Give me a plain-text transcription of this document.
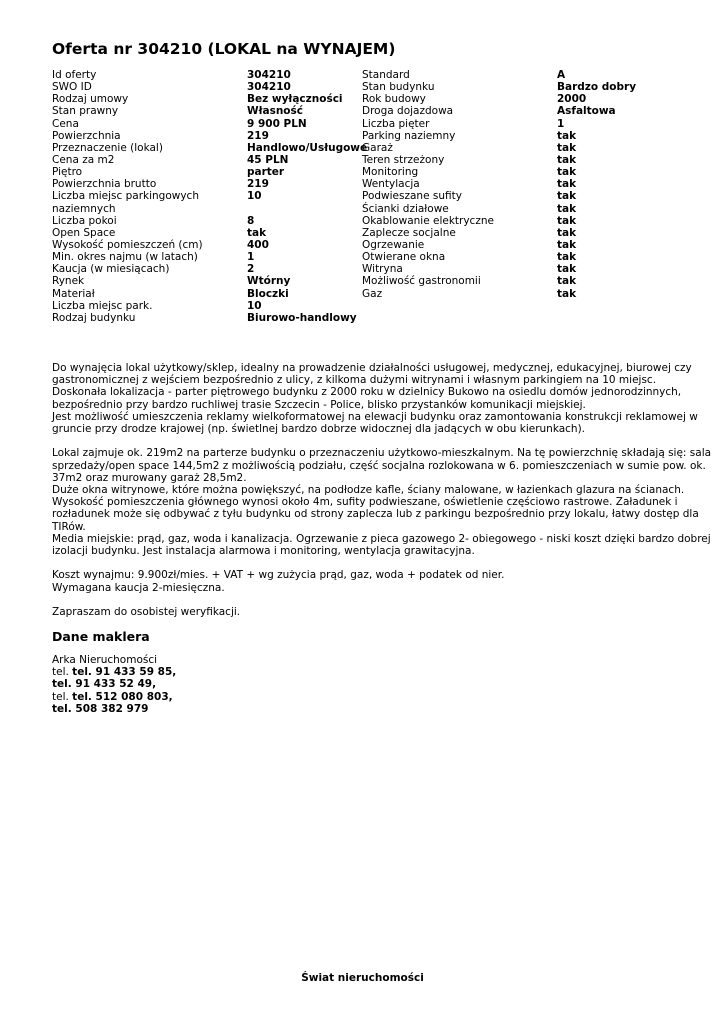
Oferta nr 304210 (LOKAL na WYNAJEM)
Id oferty
SWO ID
Rodzaj umowy
Stan prawny
Cena
Powierzchnia
Przeznaczenie (lokal)
Cena za m2
Piętro
Powierzchnia brutto
Liczba miejsc parkingowych
naziemnych
Liczba pokoi
Open Space
Wysokość pomieszczeń (cm)
Min. okres najmu (w latach)
Kaucja (w miesiącach)
Rynek
Materiał
Liczba miejsc park.
Rodzaj budynku
304210
304210
Bez wyłączności
Własność
9 900 PLN
219
Handlowo/Usługowe
45 PLN
parter
219
10
8
tak
400
1
2
Wtórny
Bloczki
10
Biurowo-handlowy
Standard
Stan budynku
Rok budowy
Droga dojazdowa
Liczba pięter
Parking naziemny
Garaż
Teren strzeżony
Monitoring
Wentylacja
Podwieszane sufity
Ścianki działowe
Okablowanie elektryczne
Zaplecze socjalne
Ogrzewanie
Otwierane okna
Witryna
Możliwość gastronomii
Gaz
A
Bardzo dobry
2000
Asfaltowa
1
tak
tak
tak
tak
tak
tak
tak
tak
tak
tak
tak
tak
tak
tak

Do wynajęcia lokal użytkowy/sklep, idealny na prowadzenie działalności usługowej, medycznej, edukacyjnej, biurowej czy

gastronomicznej z wejściem bezpośrednio z ulicy, z kilkoma dużymi witrynami i własnym parkingiem na 10 miejsc.

Doskonała lokalizacja - parter piętrowego budynku z 2000 roku w dzielnicy Bukowo na osiedlu domów jednorodzinnych,

bezpośrednio przy bardzo ruchliwej trasie Szczecin - Police, blisko przystanków komunikacji miejskiej.

Jest możliwość umieszczenia reklamy wielkoformatowej na elewacji budynku oraz zamontowania konstrukcji reklamowej w

gruncie przy drodze krajowej (np. świetlnej bardzo dobrze widocznej dla jadących w obu kierunkach).

Lokal zajmuje ok. 219m2 na parterze budynku o przeznaczeniu użytkowo-mieszkalnym. Na tę powierzchnię składają się: sala

sprzedaży/open space 144,5m2 z możliwością podziału, część socjalna rozlokowana w 6. pomieszczeniach w sumie pow. ok.

37m2 oraz murowany garaż 28,5m2.

Duże okna witrynowe, które można powiększyć, na podłodze kafle, ściany malowane, w łazienkach glazura na ścianach.

Wysokość pomieszczenia głównego wynosi około 4m, sufity podwieszane, oświetlenie częściowo rastrowe. Załadunek i

rozładunek może się odbywać z tyłu budynku od strony zaplecza lub z parkingu bezpośrednio przy lokalu, łatwy dostęp dla

TIRów.

Media miejskie: prąd, gaz, woda i kanalizacja. Ogrzewanie z pieca gazowego 2- obiegowego - niski koszt dzięki bardzo dobrej

izolacji budynku. Jest instalacja alarmowa i monitoring, wentylacja grawitacyjna.

Koszt wynajmu: 9.900zł/mies. + VAT + wg zużycia prąd, gaz, woda + podatek od nier.

Wymagana kaucja 2-miesięczna.

Zapraszam do osobistej weryfikacji.

Dane maklera
Arka Nieruchomości
tel. tel. 91 433 59 85,
tel. 91 433 52 49,
tel. tel. 512 080 803,
tel. 508 382 979
Świat nieruchomości
